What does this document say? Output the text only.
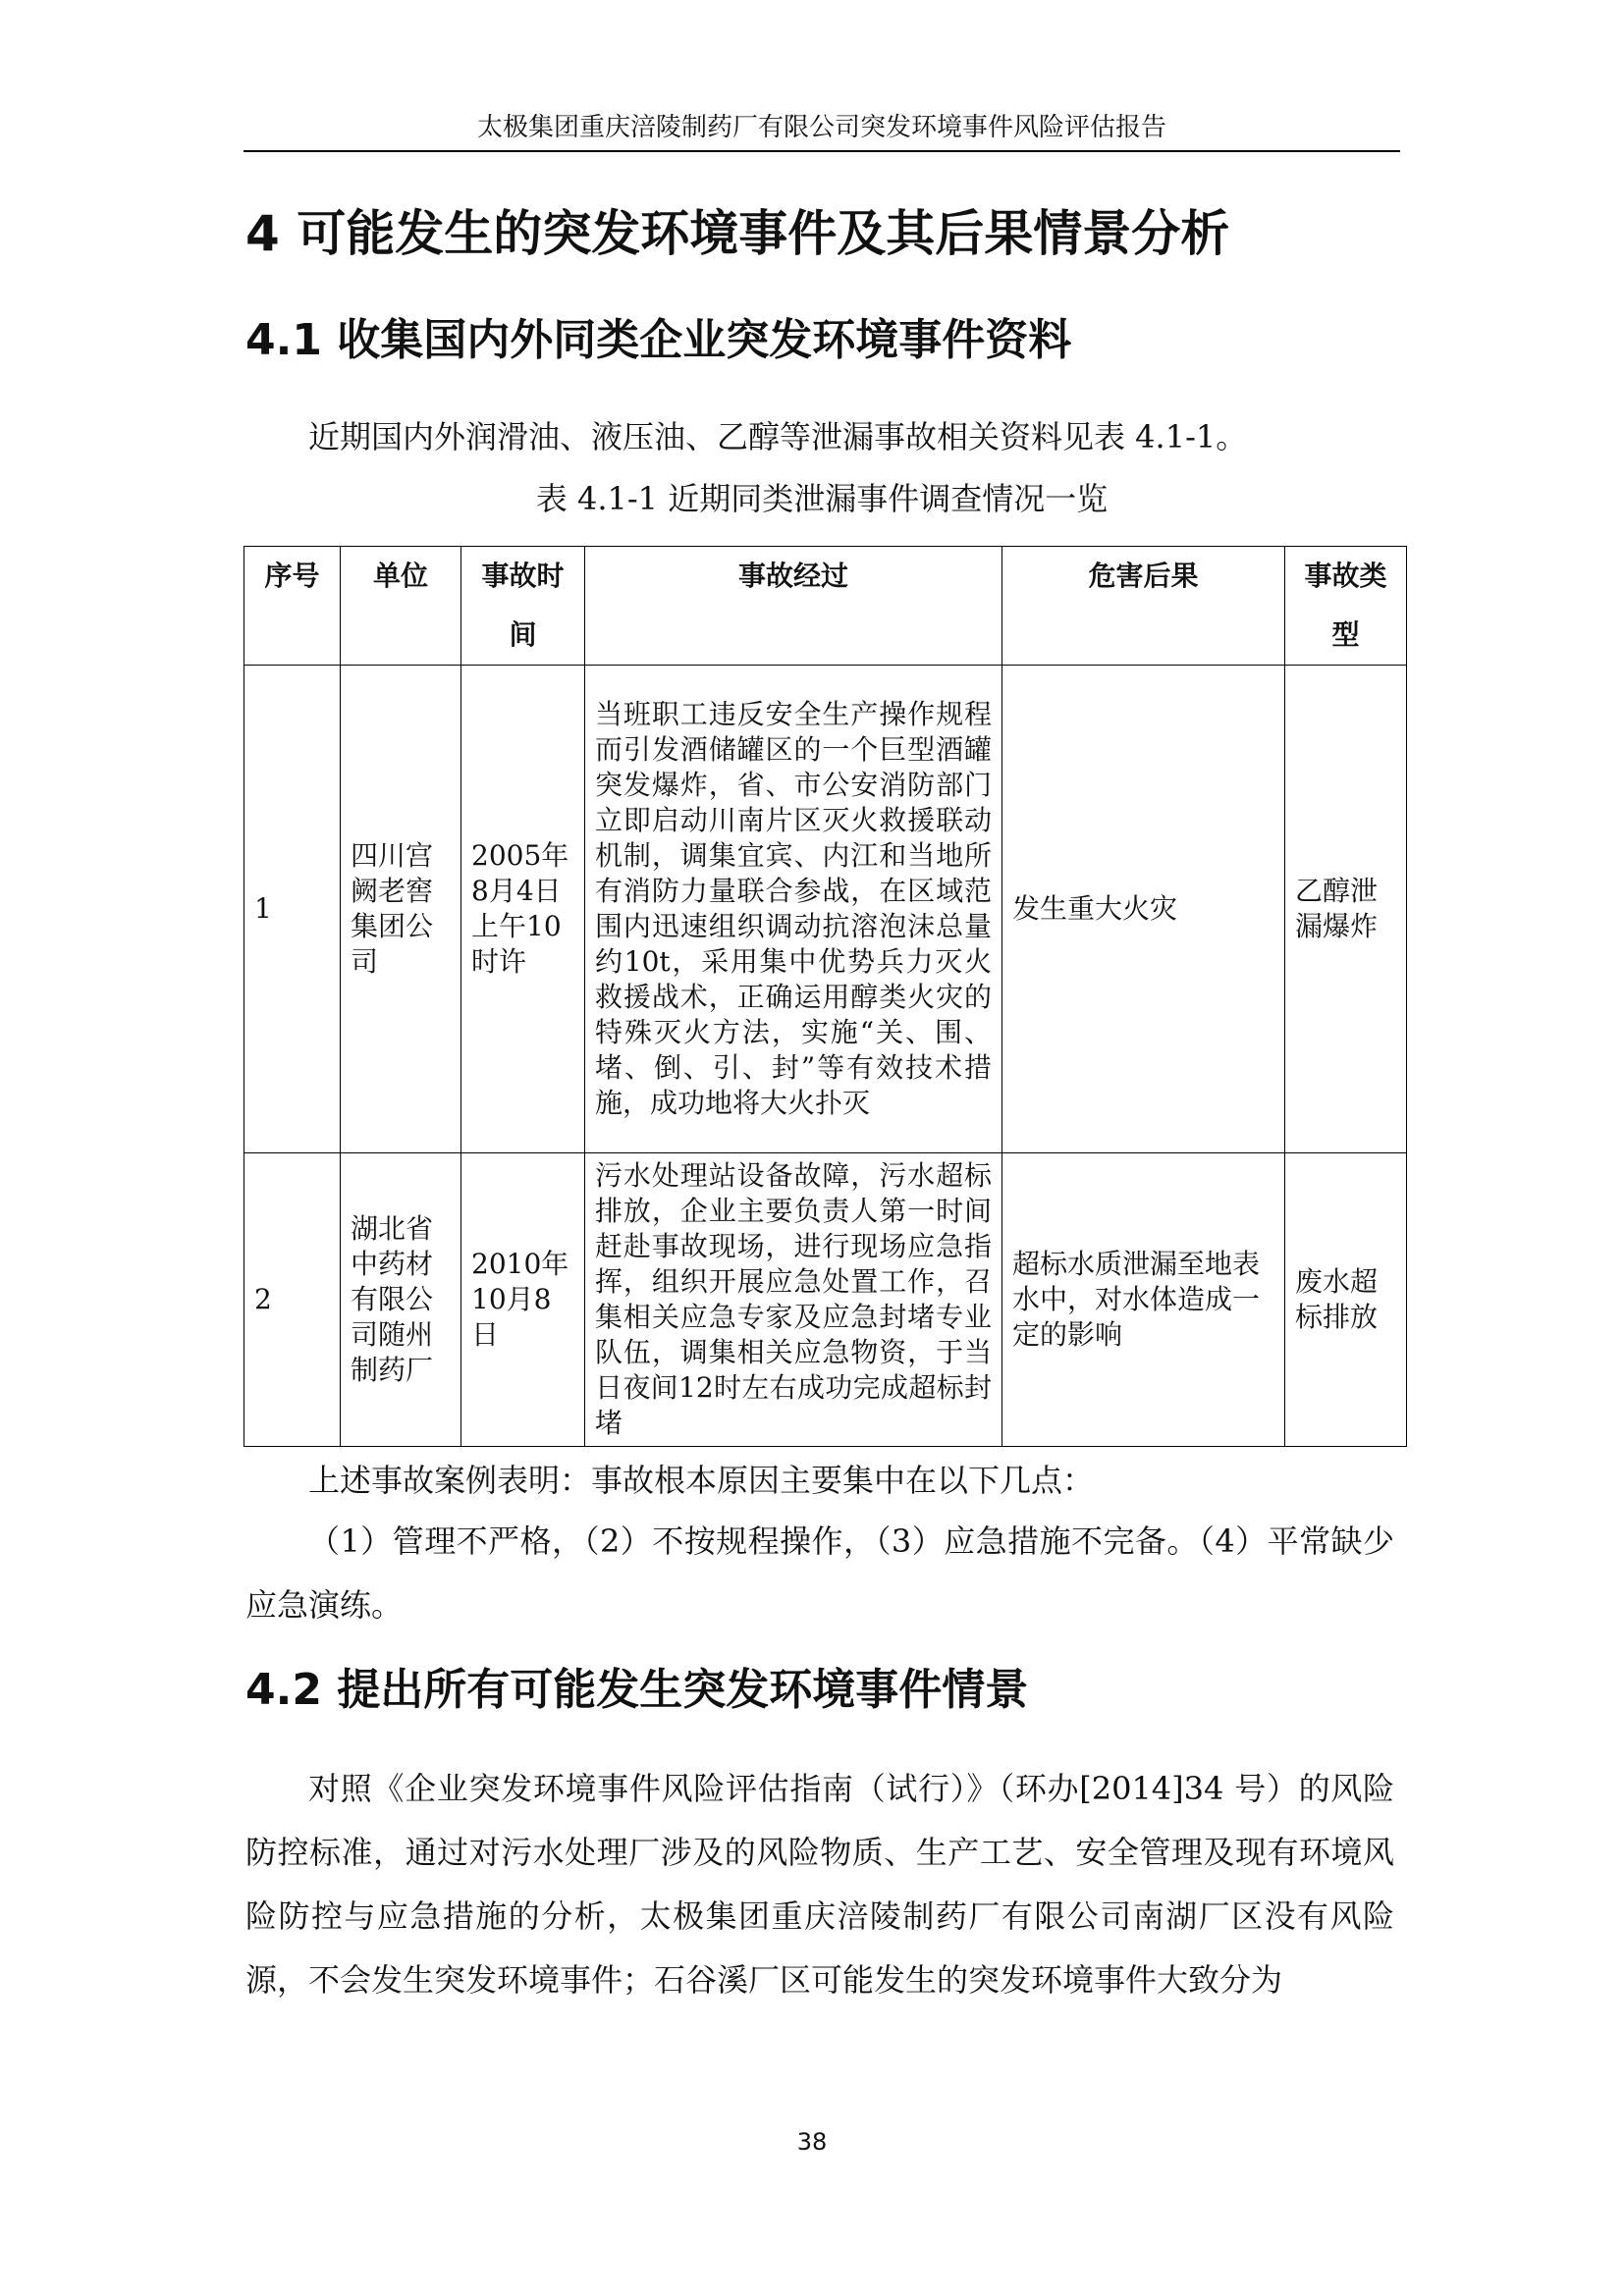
太极集团重庆涪陵制药厂有限公司突发环境事件风险评估报告
4 可能发生的突发环境事件及其后果情景分析
4.1 收集国内外同类企业突发环境事件资料
近期国内外润滑油、液压油、乙醇等泄漏事故相关资料见表 4.1-1。
表 4.1-1 近期同类泄漏事件调查情况一览
序号	单位	事故时间	事故经过	危害后果	事故类型
1	四川宫阙老窖集团公司	2005年8月4日上午10时许	当班职工违反安全生产操作规程而引发酒储罐区的一个巨型酒罐突发爆炸，省、市公安消防部门立即启动川南片区灭火救援联动机制，调集宜宾、内江和当地所有消防力量联合参战，在区域范围内迅速组织调动抗溶泡沫总量约10t，采用集中优势兵力灭火救援战术，正确运用醇类火灾的特殊灭火方法，实施“关、围、堵、倒、引、封”等有效技术措施，成功地将大火扑灭	发生重大火灾	乙醇泄漏爆炸
2	湖北省中药材有限公司随州制药厂	2010年10月8日	污水处理站设备故障，污水超标排放，企业主要负责人第一时间赶赴事故现场，进行现场应急指挥，组织开展应急处置工作，召集相关应急专家及应急封堵专业队伍，调集相关应急物资，于当日夜间12时左右成功完成超标封堵	超标水质泄漏至地表水中，对水体造成一定的影响	废水超标排放
上述事故案例表明：事故根本原因主要集中在以下几点：
（1）管理不严格，（2）不按规程操作，（3）应急措施不完备。（4）平常缺少应急演练。
4.2 提出所有可能发生突发环境事件情景
对照《企业突发环境事件风险评估指南（试行）》（环办[2014]34 号）的风险防控标准，通过对污水处理厂涉及的风险物质、生产工艺、安全管理及现有环境风险防控与应急措施的分析，太极集团重庆涪陵制药厂有限公司南湖厂区没有风险源，不会发生突发环境事件；石谷溪厂区可能发生的突发环境事件大致分为
38
